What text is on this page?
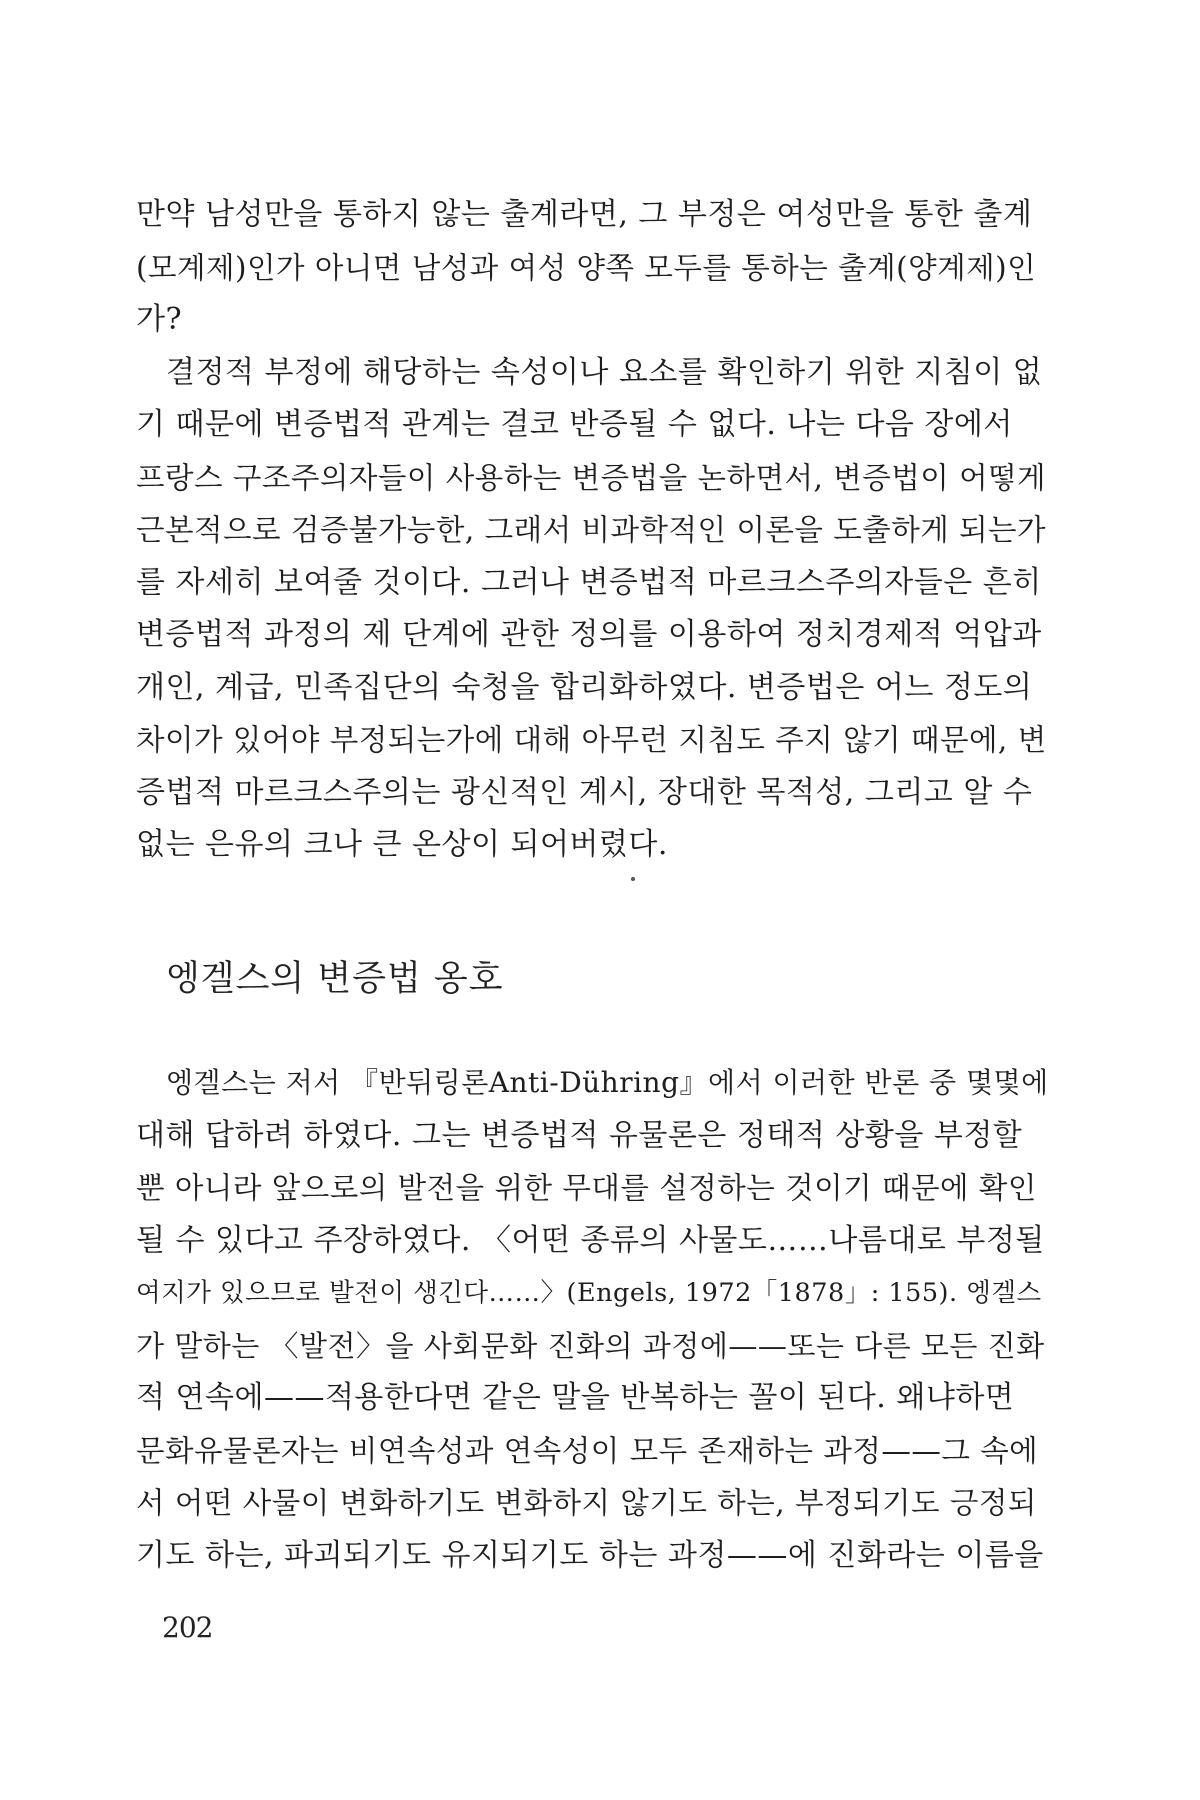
만약 남성만을 통하지 않는 출계라면, 그 부정은 여성만을 통한 출계
(모계제)인가 아니면 남성과 여성 양쪽 모두를 통하는 출계(양계제)인
가?
결정적 부정에 해당하는 속성이나 요소를 확인하기 위한 지침이 없
기 때문에 변증법적 관계는 결코 반증될 수 없다. 나는 다음 장에서
프랑스 구조주의자들이 사용하는 변증법을 논하면서, 변증법이 어떻게
근본적으로 검증불가능한, 그래서 비과학적인 이론을 도출하게 되는가
를 자세히 보여줄 것이다. 그러나 변증법적 마르크스주의자들은 흔히
변증법적 과정의 제 단계에 관한 정의를 이용하여 정치경제적 억압과
개인, 계급, 민족집단의 숙청을 합리화하였다. 변증법은 어느 정도의
차이가 있어야 부정되는가에 대해 아무런 지침도 주지 않기 때문에, 변
증법적 마르크스주의는 광신적인 계시, 장대한 목적성, 그리고 알 수
없는 은유의 크나 큰 온상이 되어버렸다.
엥겔스의 변증법 옹호
엥겔스는 저서 『반뒤링론Anti-Dühring』에서 이러한 반론 중 몇몇에
대해 답하려 하였다. 그는 변증법적 유물론은 정태적 상황을 부정할
뿐 아니라 앞으로의 발전을 위한 무대를 설정하는 것이기 때문에 확인
될 수 있다고 주장하였다. 〈어떤 종류의 사물도……나름대로 부정될
여지가 있으므로 발전이 생긴다……〉(Engels, 1972「1878」: 155). 엥겔스
가 말하는 〈발전〉을 사회문화 진화의 과정에——또는 다른 모든 진화
적 연속에——적용한다면 같은 말을 반복하는 꼴이 된다. 왜냐하면
문화유물론자는 비연속성과 연속성이 모두 존재하는 과정——그 속에
서 어떤 사물이 변화하기도 변화하지 않기도 하는, 부정되기도 긍정되
기도 하는, 파괴되기도 유지되기도 하는 과정——에 진화라는 이름을
202
